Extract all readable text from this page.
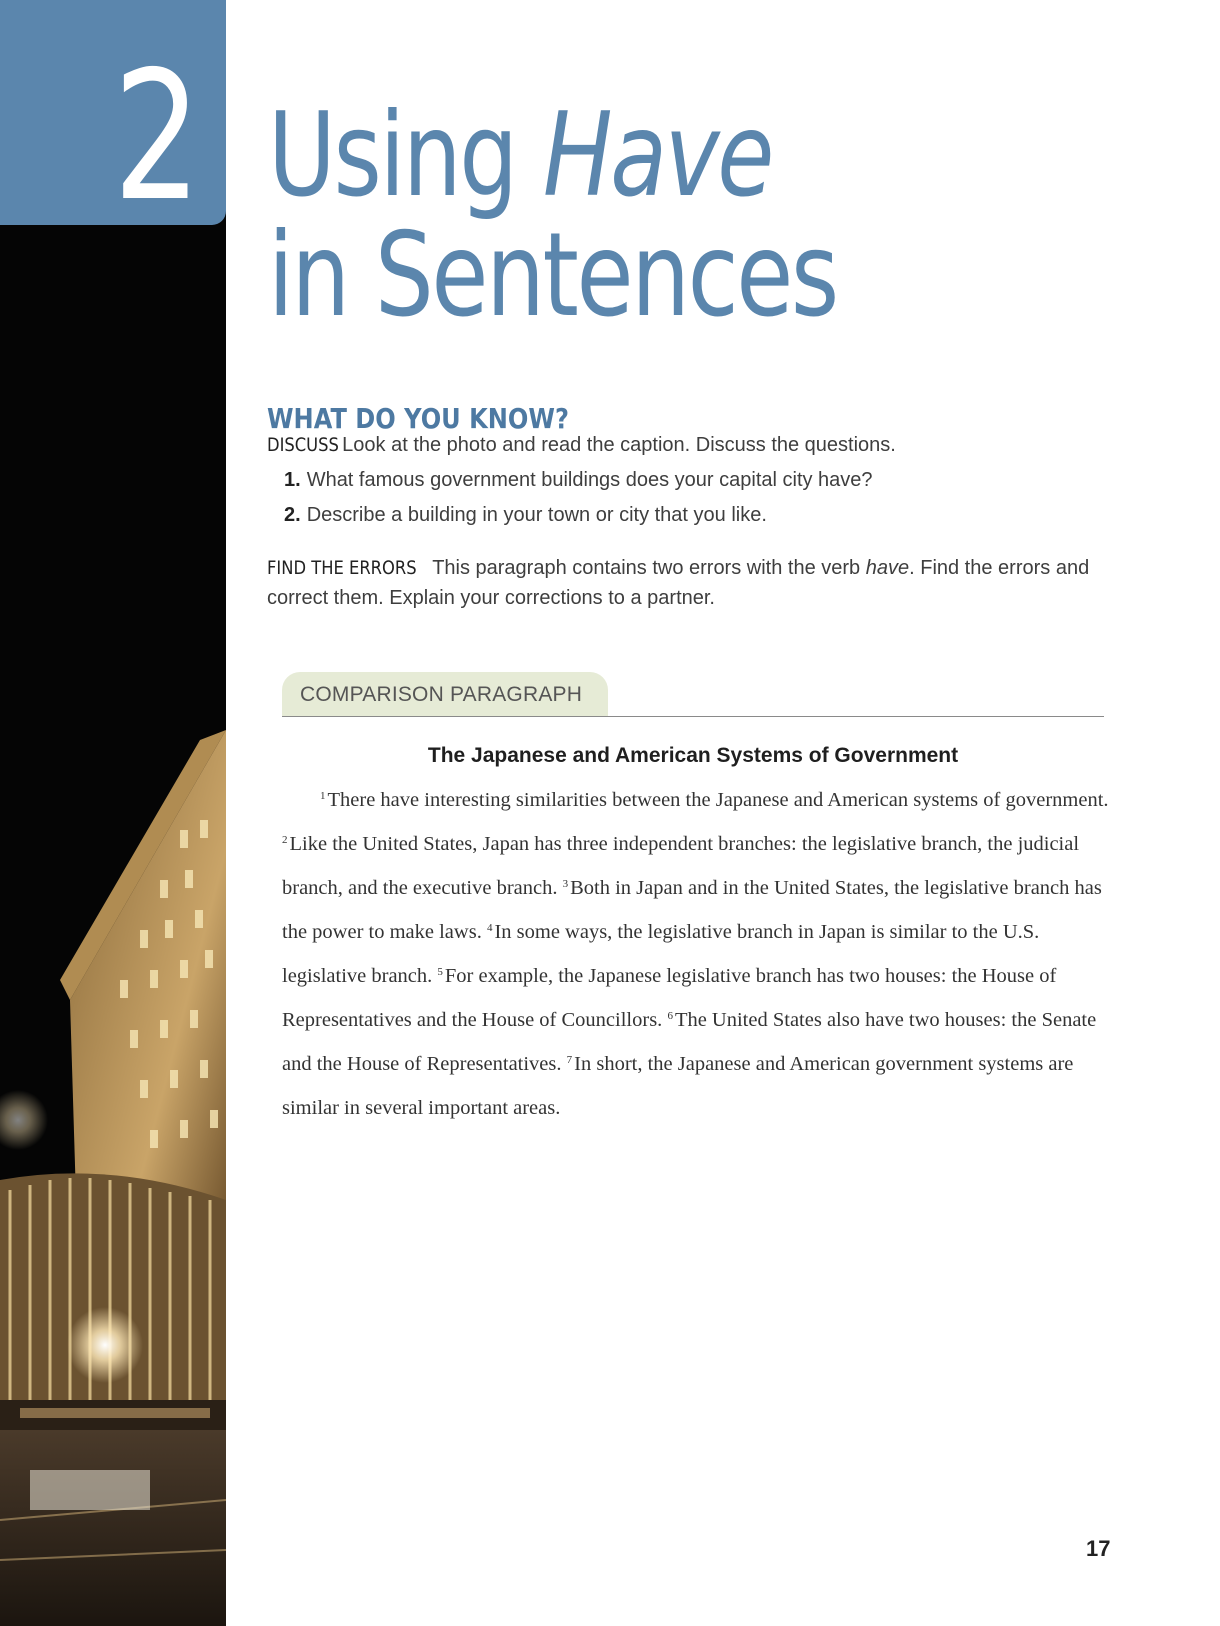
2 Using Have
in Sentences
WHAT DO YOU KNOW?
DISCUSS Look at the photo and read the caption. Discuss the questions.
1. What famous government buildings does your capital city have?
2. Describe a building in your town or city that you like.
FIND THE ERRORS This paragraph contains two errors with the verb have. Find the errors and correct them. Explain your corrections to a partner.
COMPARISON PARAGRAPH
The Japanese and American Systems of Government
$^1$There have interesting similarities between the Japanese and American systems of government. $^2$Like the United States, Japan has three independent branches: the legislative branch, the judicial branch, and the executive branch. $^3$Both in Japan and in the United States, the legislative branch has the power to make laws. $^4$In some ways, the legislative branch in Japan is similar to the U.S. legislative branch. $^5$For example, the Japanese legislative branch has two houses: the House of Representatives and the House of Councillors. $^6$The United States also have two houses: the Senate and the House of Representatives. $^7$In short, the Japanese and American government systems are similar in several important areas.
17
